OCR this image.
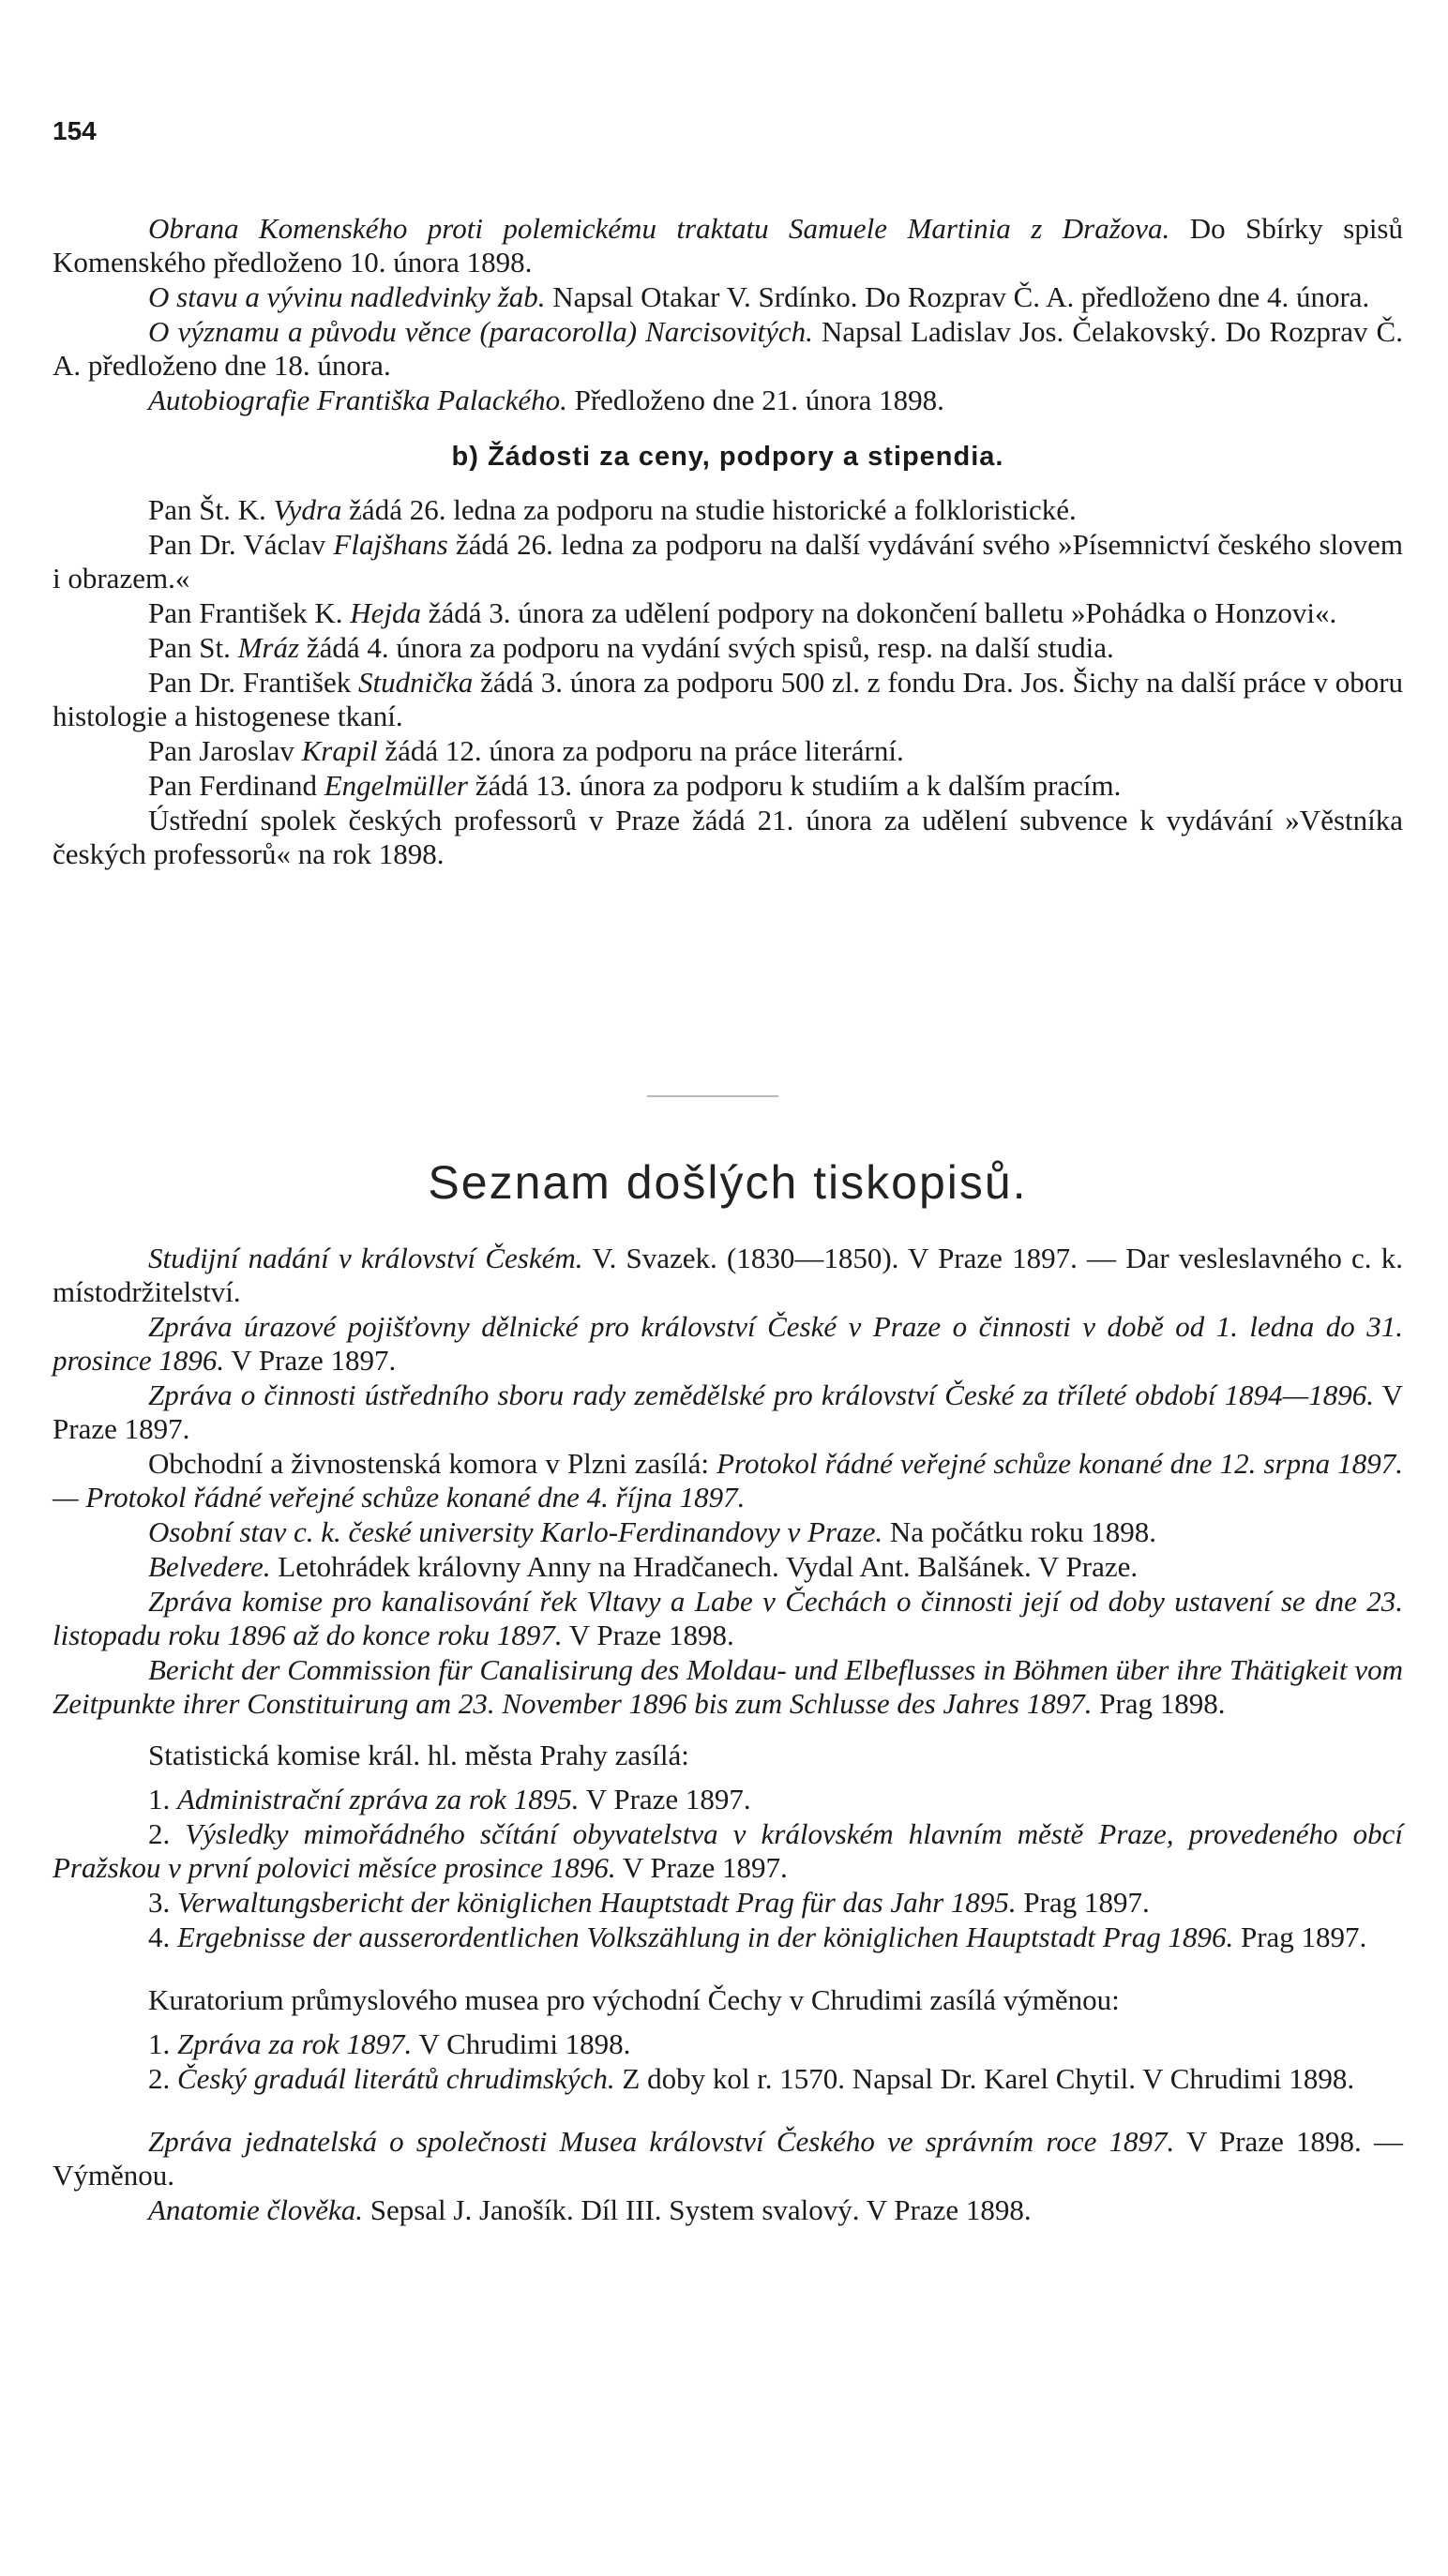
154

Obrana Komenského proti polemickému traktatu Samuele Martinia z Dražova. Do Sbírky spisů Komenského předloženo 10. února 1898.

O stavu a vývinu nadledvinky žab. Napsal Otakar V. Srdínko. Do Rozprav Č. A. předloženo dne 4. února.

O významu a původu věnce (paracorolla) Narcisovitých. Napsal Ladislav Jos. Čelakovský. Do Rozprav Č. A. předloženo dne 18. února.

Autobiografie Františka Palackého. Předloženo dne 21. února 1898.

b) Žádosti za ceny, podpory a stipendia.

Pan Št. K. Vydra žádá 26. ledna za podporu na studie historické a folkloristické.

Pan Dr. Václav Flajšhans žádá 26. ledna za podporu na další vydávání svého »Písemnictví českého slovem i obrazem.«

Pan František K. Hejda žádá 3. února za udělení podpory na dokončení balletu »Pohádka o Honzovi«.

Pan St. Mráz žádá 4. února za podporu na vydání svých spisů, resp. na další studia.

Pan Dr. František Studnička žádá 3. února za podporu 500 zl. z fondu Dra. Jos. Šichy na další práce v oboru histologie a histogenese tkaní.

Pan Jaroslav Krapil žádá 12. února za podporu na práce literární.

Pan Ferdinand Engelmüller žádá 13. února za podporu k studiím a k dalším pracím.

Ústřední spolek českých professorů v Praze žádá 21. února za udělení subvence k vydávání »Věstníka českých professorů« na rok 1898.

Seznam došlých tiskopisů.

Studijní nadání v království Českém. V. Svazek. (1830—1850). V Praze 1897. — Dar vesleslavného c. k. místodržitelství.

Zpráva úrazové pojišťovny dělnické pro království České v Praze o činnosti v době od 1. ledna do 31. prosince 1896. V Praze 1897.

Zpráva o činnosti ústředního sboru rady zemědělské pro království České za tříleté období 1894—1896. V Praze 1897.

Obchodní a živnostenská komora v Plzni zasílá: Protokol řádné veřejné schůze konané dne 12. srpna 1897. — Protokol řádné veřejné schůze konané dne 4. října 1897.

Osobní stav c. k. české university Karlo-Ferdinandovy v Praze. Na počátku roku 1898.

Belvedere. Letohrádek královny Anny na Hradčanech. Vydal Ant. Balšánek. V Praze.

Zpráva komise pro kanalisování řek Vltavy a Labe v Čechách o činnosti její od doby ustavení se dne 23. listopadu roku 1896 až do konce roku 1897. V Praze 1898.

Bericht der Commission für Canalisirung des Moldau- und Elbeflusses in Böhmen über ihre Thätigkeit vom Zeitpunkte ihrer Constituirung am 23. November 1896 bis zum Schlusse des Jahres 1897. Prag 1898.

Statistická komise král. hl. města Prahy zasílá:

1. Administrační zpráva za rok 1895. V Praze 1897.

2. Výsledky mimořádného sčítání obyvatelstva v královském hlavním městě Praze, provedeného obcí Pražskou v první polovici měsíce prosince 1896. V Praze 1897.

3. Verwaltungsbericht der königlichen Hauptstadt Prag für das Jahr 1895. Prag 1897.

4. Ergebnisse der ausserordentlichen Volkszählung in der königlichen Hauptstadt Prag 1896. Prag 1897.

Kuratorium průmyslového musea pro východní Čechy v Chrudimi zasílá výměnou:

1. Zpráva za rok 1897. V Chrudimi 1898.

2. Český graduál literátů chrudimských. Z doby kol r. 1570. Napsal Dr. Karel Chytil. V Chrudimi 1898.

Zpráva jednatelská o společnosti Musea království Českého ve správním roce 1897. V Praze 1898. — Výměnou.

Anatomie člověka. Sepsal J. Janošík. Díl III. System svalový. V Praze 1898.
